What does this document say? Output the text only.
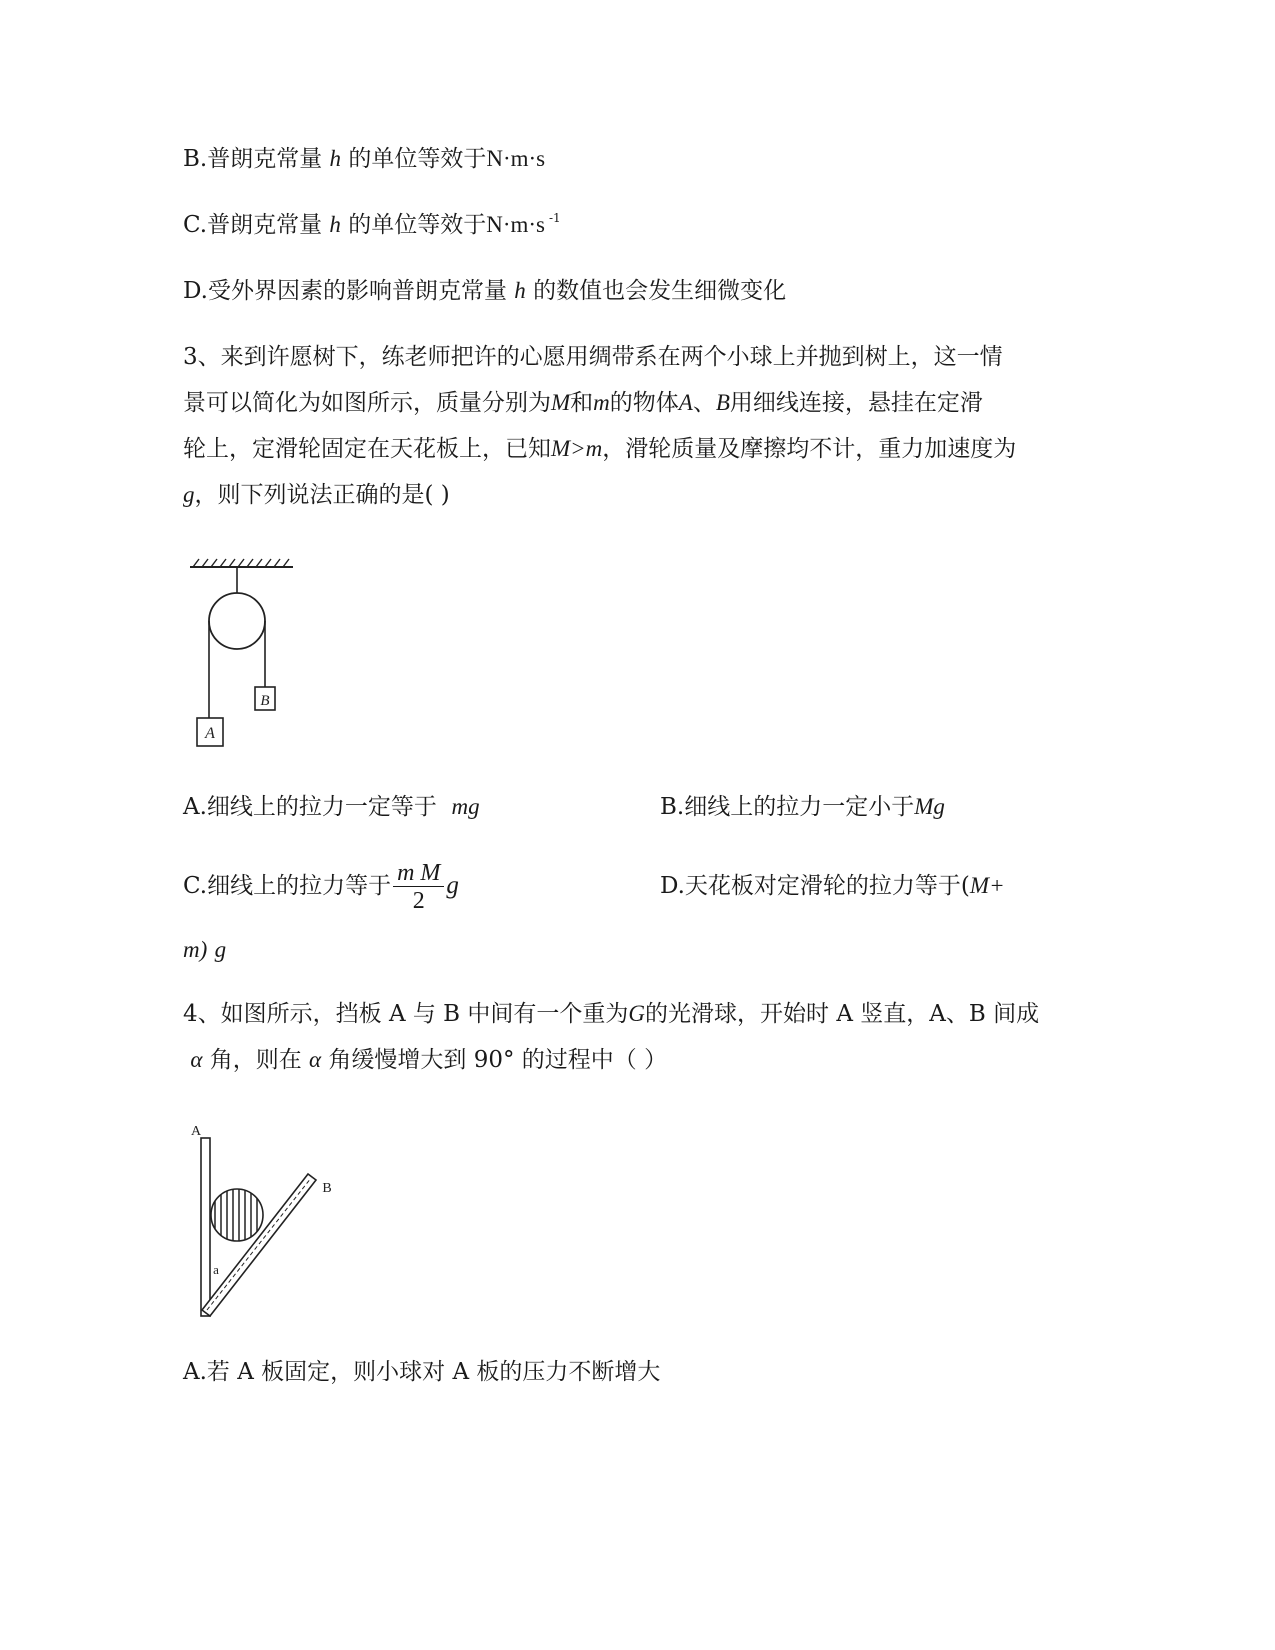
B.普朗克常量 h 的单位等效于N·m·s
C.普朗克常量 h 的单位等效于N·m·s $^{-1}$
D.受外界因素的影响普朗克常量 h 的数值也会发生细微变化
3、来到许愿树下，练老师把许的心愿用绸带系在两个小球上并抛到树上，这一情
景可以简化为如图所示，质量分别为M和m的物体A、B用细线连接，悬挂在定滑
轮上，定滑轮固定在天花板上，已知M>m，滑轮质量及摩擦均不计，重力加速度为
g，则下列说法正确的是( )
A
B
A.细线上的拉力一定等于 mg	B.细线上的拉力一定小于Mg
C.细线上的拉力等于 $\frac{\text{m M}}{2}$ g	D.天花板对定滑轮的拉力等于(M+
m) g
4、如图所示，挡板 A 与 B 中间有一个重为G的光滑球，开始时 A 竖直，A、B 间成
α 角，则在 α 角缓慢增大到 90° 的过程中（ ）
A
B
a
A.若 A 板固定，则小球对 A 板的压力不断增大
